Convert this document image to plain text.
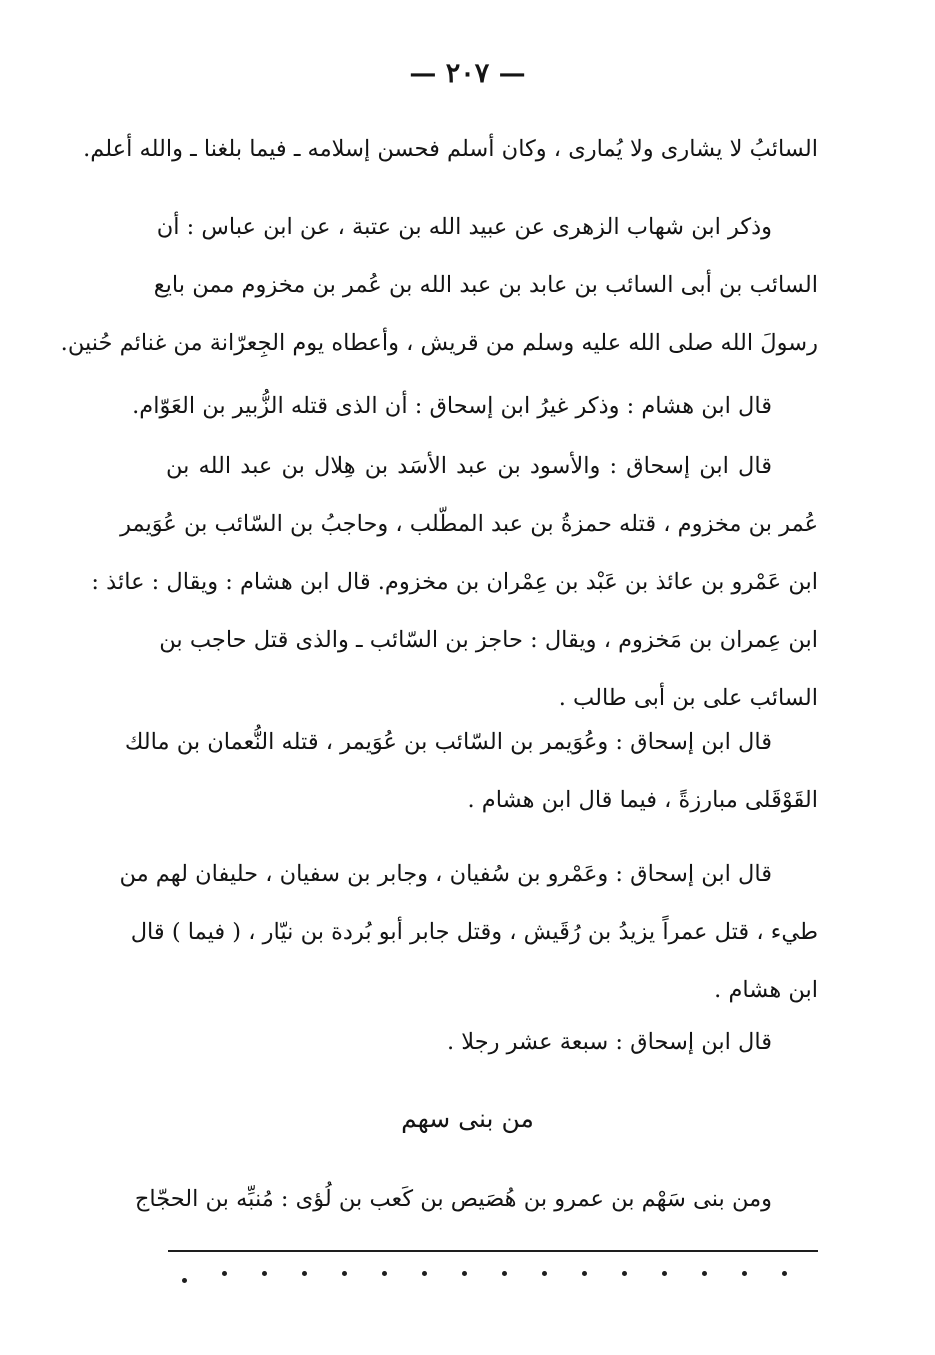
— ٢٠٧ —
السائبُ لا يشارى ولا يُمارى ، وكان أسلم فحسن إسلامه ـ فيما بلغنا ـ والله أعلم.
وذكر ابن شهاب الزهرى عن عبيد الله بن عتبة ، عن ابن عباس : أن
السائب بن أبى السائب بن عابد بن عبد الله بن عُمر بن مخزوم ممن بايع
رسولَ الله صلى الله عليه وسلم من قريش ، وأعطاه يوم الجِعرّانة من غنائم حُنين.
قال ابن هشام : وذكر غيرُ ابن إسحاق : أن الذى قتله الزُّبير بن العَوّام.
قال ابن إسحاق : والأسود بن عبد الأسَد بن هِلال بن عبد الله بن
عُمر بن مخزوم ، قتله حمزةُ بن عبد المطّلب ، وحاجبُ بن السّائب بن عُوَيمر
ابن عَمْرو بن عائذ بن عَبْد بن عِمْران بن مخزوم. قال ابن هشام : ويقال : عائذ :
ابن عِمران بن مَخزوم ، ويقال : حاجز بن السّائب ـ والذى قتل حاجب بن
السائب على بن أبى طالب .
قال ابن إسحاق : وعُوَيمر بن السّائب بن عُوَيمر ، قتله النُّعمان بن مالك
القَوْقَلى مبارزةً ، فيما قال ابن هشام .
قال ابن إسحاق : وعَمْرو بن سُفيان ، وجابر بن سفيان ، حليفان لهم من
طيء ، قتل عمراً يزيدُ بن رُقَيش ، وقتل جابر أبو بُردة بن نيّار ، ( فيما ) قال
ابن هشام .
قال ابن إسحاق : سبعة عشر رجلا .
من بنى سهم
ومن بنى سَهْم بن عمرو بن هُصَيص بن كَعب بن لُؤى : مُنبِّه بن الحجّاج
